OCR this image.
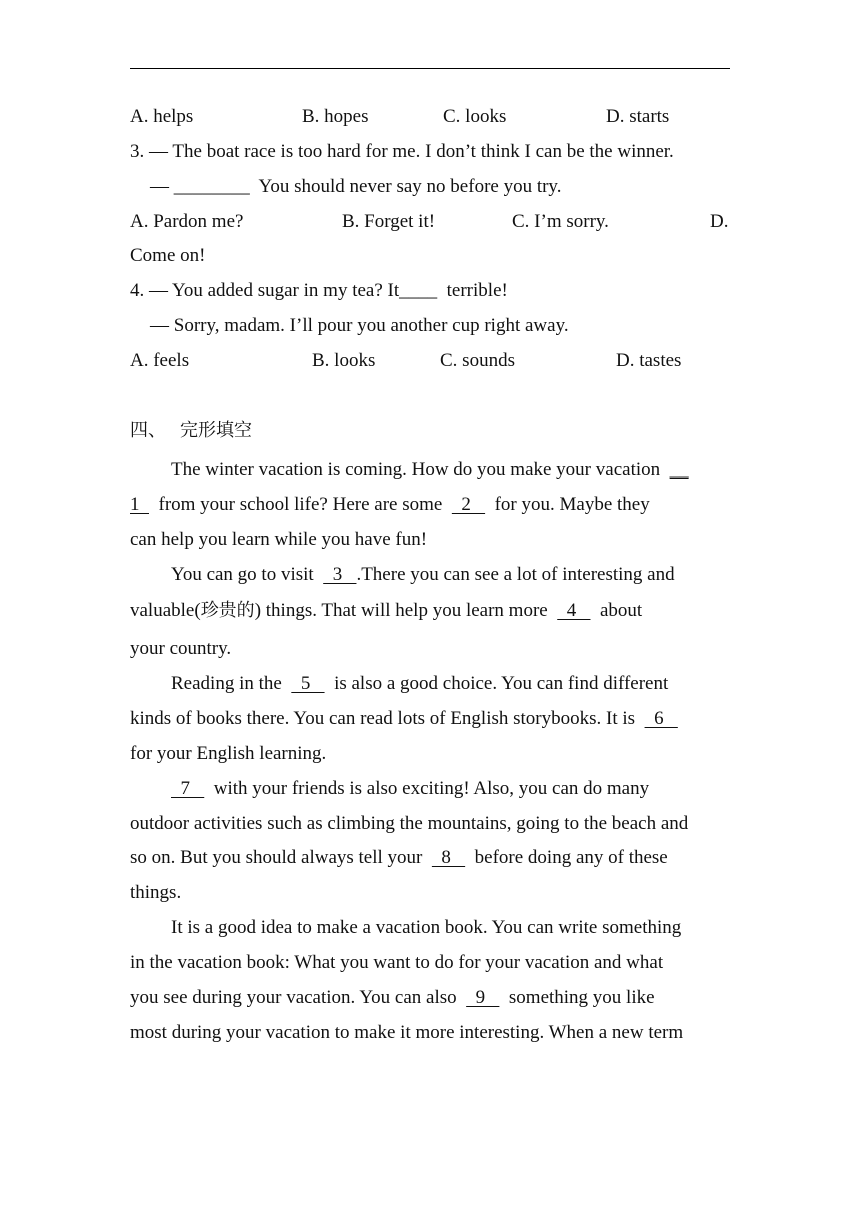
A. helps	B. hopes	C. looks	D. starts
3. — The boat race is too hard for me. I don’t think I can be the winner.
— ________  You should never say no before you try.
A. Pardon me?	B. Forget it!	C. I’m sorry.	D.
Come on!
4. — You added sugar in my tea? It____  terrible!
— Sorry, madam. I’ll pour you another cup right away.
A. feels	B. looks	C. sounds	D. tastes
四、 完形填空
The winter vacation is coming. How do you make your vacation  __
1    from your school life? Here are some    2     for you. Maybe they
can help you learn while you have fun!
You can go to visit    3   .There you can see a lot of interesting and
valuable(珍贵的) things. That will help you learn more    4     about
your country.
Reading in the    5     is also a good choice. You can find different
kinds of books there. You can read lots of English storybooks. It is    6
for your English learning.
7     with your friends is also exciting! Also, you can do many
outdoor activities such as climbing the mountains, going to the beach and
so on. But you should always tell your    8     before doing any of these
things.
It is a good idea to make a vacation book. You can write something
in the vacation book: What you want to do for your vacation and what
you see during your vacation. You can also    9     something you like
most during your vacation to make it more interesting. When a new term
